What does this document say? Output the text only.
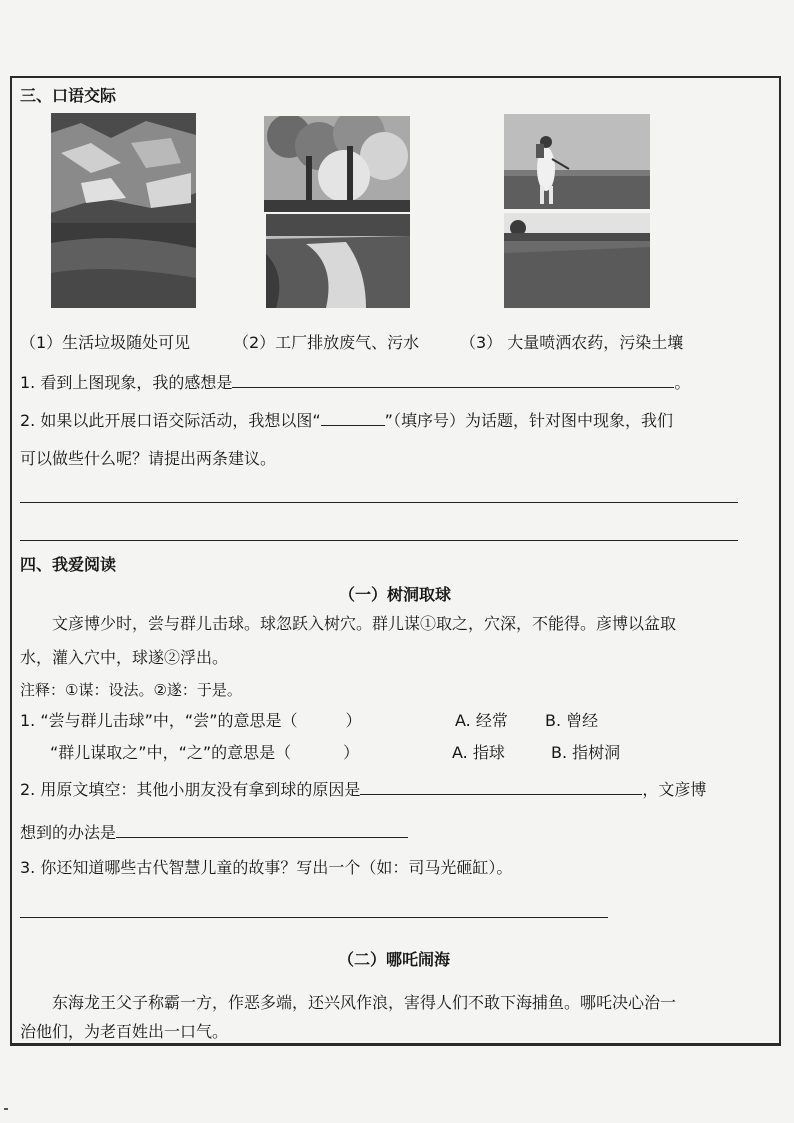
三、口语交际
（1）生活垃圾随处可见	（2）工厂排放废气、污水	（3） 大量喷洒农药，污染土壤
1. 看到上图现象，我的感想是	。
2. 如果以此开展口语交际活动，我想以图“	”（填序号）为话题，针对图中现象，我们
可以做些什么呢？请提出两条建议。
四、我爱阅读
（一）树洞取球
文彦博少时，尝与群儿击球。球忽跃入树穴。群儿谋①取之，穴深，不能得。彦博以盆取
水，灌入穴中，球遂②浮出。
注释：①谋：设法。②遂：于是。
1. “尝与群儿击球”中，“尝”的意思是（	）	A. 经常 B. 曾经
“群儿谋取之”中，“之”的意思是（	）	A. 指球	B. 指树洞
2. 用原文填空：其他小朋友没有拿到球的原因是	，文彦博
想到的办法是
3. 你还知道哪些古代智慧儿童的故事？写出一个（如：司马光砸缸）。
（二）哪吒闹海
东海龙王父子称霸一方，作恶多端，还兴风作浪，害得人们不敢下海捕鱼。哪吒决心治一
治他们，为老百姓出一口气。
